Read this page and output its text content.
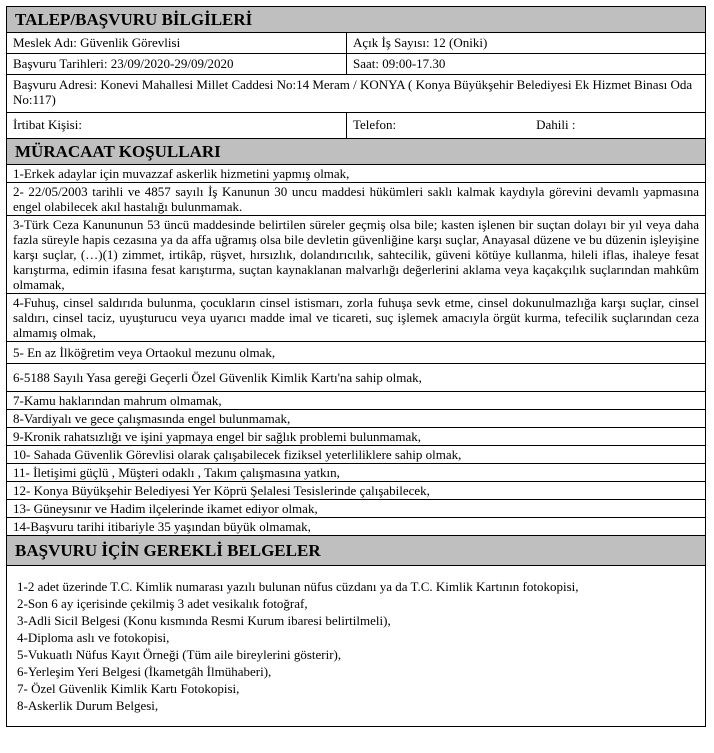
TALEP/BAŞVURU BİLGİLERİ
Meslek Adı: Güvenlik Görevlisi	Açık İş Sayısı: 12 (Oniki)
Başvuru Tarihleri: 23/09/2020-29/09/2020	Saat: 09:00-17.30
Başvuru Adresi: Konevi Mahallesi Millet Caddesi No:14 Meram / KONYA ( Konya Büyükşehir Belediyesi Ek Hizmet Binası Oda No:117)
İrtibat Kişisi:	Telefon:	Dahili :
MÜRACAAT KOŞULLARI
1-Erkek adaylar için muvazzaf askerlik hizmetini yapmış olmak,
2- 22/05/2003 tarihli ve 4857 sayılı İş Kanunun 30 uncu maddesi hükümleri saklı kalmak kaydıyla görevini devamlı yapmasına engel olabilecek akıl hastalığı bulunmamak.
3-Türk Ceza Kanununun 53 üncü maddesinde belirtilen süreler geçmiş olsa bile; kasten işlenen bir suçtan dolayı bir yıl veya daha fazla süreyle hapis cezasına ya da affa uğramış olsa bile devletin güvenliğine karşı suçlar, Anayasal düzene ve bu düzenin işleyişine karşı suçlar, (…)(1) zimmet, irtikâp, rüşvet, hırsızlık, dolandırıcılık, sahtecilik, güveni kötüye kullanma, hileli iflas, ihaleye fesat karıştırma, edimin ifasına fesat karıştırma, suçtan kaynaklanan malvarlığı değerlerini aklama veya kaçakçılık suçlarından mahkûm olmamak,
4-Fuhuş, cinsel saldırıda bulunma, çocukların cinsel istismarı, zorla fuhuşa sevk etme, cinsel dokunulmazlığa karşı suçlar, cinsel saldırı, cinsel taciz, uyuşturucu veya uyarıcı madde imal ve ticareti, suç işlemek amacıyla örgüt kurma, tefecilik suçlarından ceza almamış olmak,
5- En az İlköğretim veya Ortaokul mezunu olmak,
6-5188 Sayılı Yasa gereği Geçerli Özel Güvenlik Kimlik Kartı'na sahip olmak,
7-Kamu haklarından mahrum olmamak,
8-Vardiyalı ve gece çalışmasında engel bulunmamak,
9-Kronik rahatsızlığı ve işini yapmaya engel bir sağlık problemi bulunmamak,
10- Sahada Güvenlik Görevlisi olarak çalışabilecek fiziksel yeterliliklere sahip olmak,
11- İletişimi güçlü , Müşteri odaklı , Takım çalışmasına yatkın,
12- Konya Büyükşehir Belediyesi Yer Köprü Şelalesi Tesislerinde çalışabilecek,
13- Güneysınır ve Hadim ilçelerinde ikamet ediyor olmak,
14-Başvuru tarihi itibariyle 35 yaşından büyük olmamak,
BAŞVURU İÇİN GEREKLİ BELGELER
1-2 adet üzerinde T.C. Kimlik numarası yazılı bulunan nüfus cüzdanı ya da T.C. Kimlik Kartının fotokopisi,
2-Son 6 ay içerisinde çekilmiş 3 adet vesikalık fotoğraf,
3-Adli Sicil Belgesi (Konu kısmında Resmi Kurum ibaresi belirtilmeli),
4-Diploma aslı ve fotokopisi,
5-Vukuatlı Nüfus Kayıt Örneği (Tüm aile bireylerini gösterir),
6-Yerleşim Yeri Belgesi (İkametgâh İlmühaberi),
7- Özel Güvenlik Kimlik Kartı Fotokopisi,
8-Askerlik Durum Belgesi,
